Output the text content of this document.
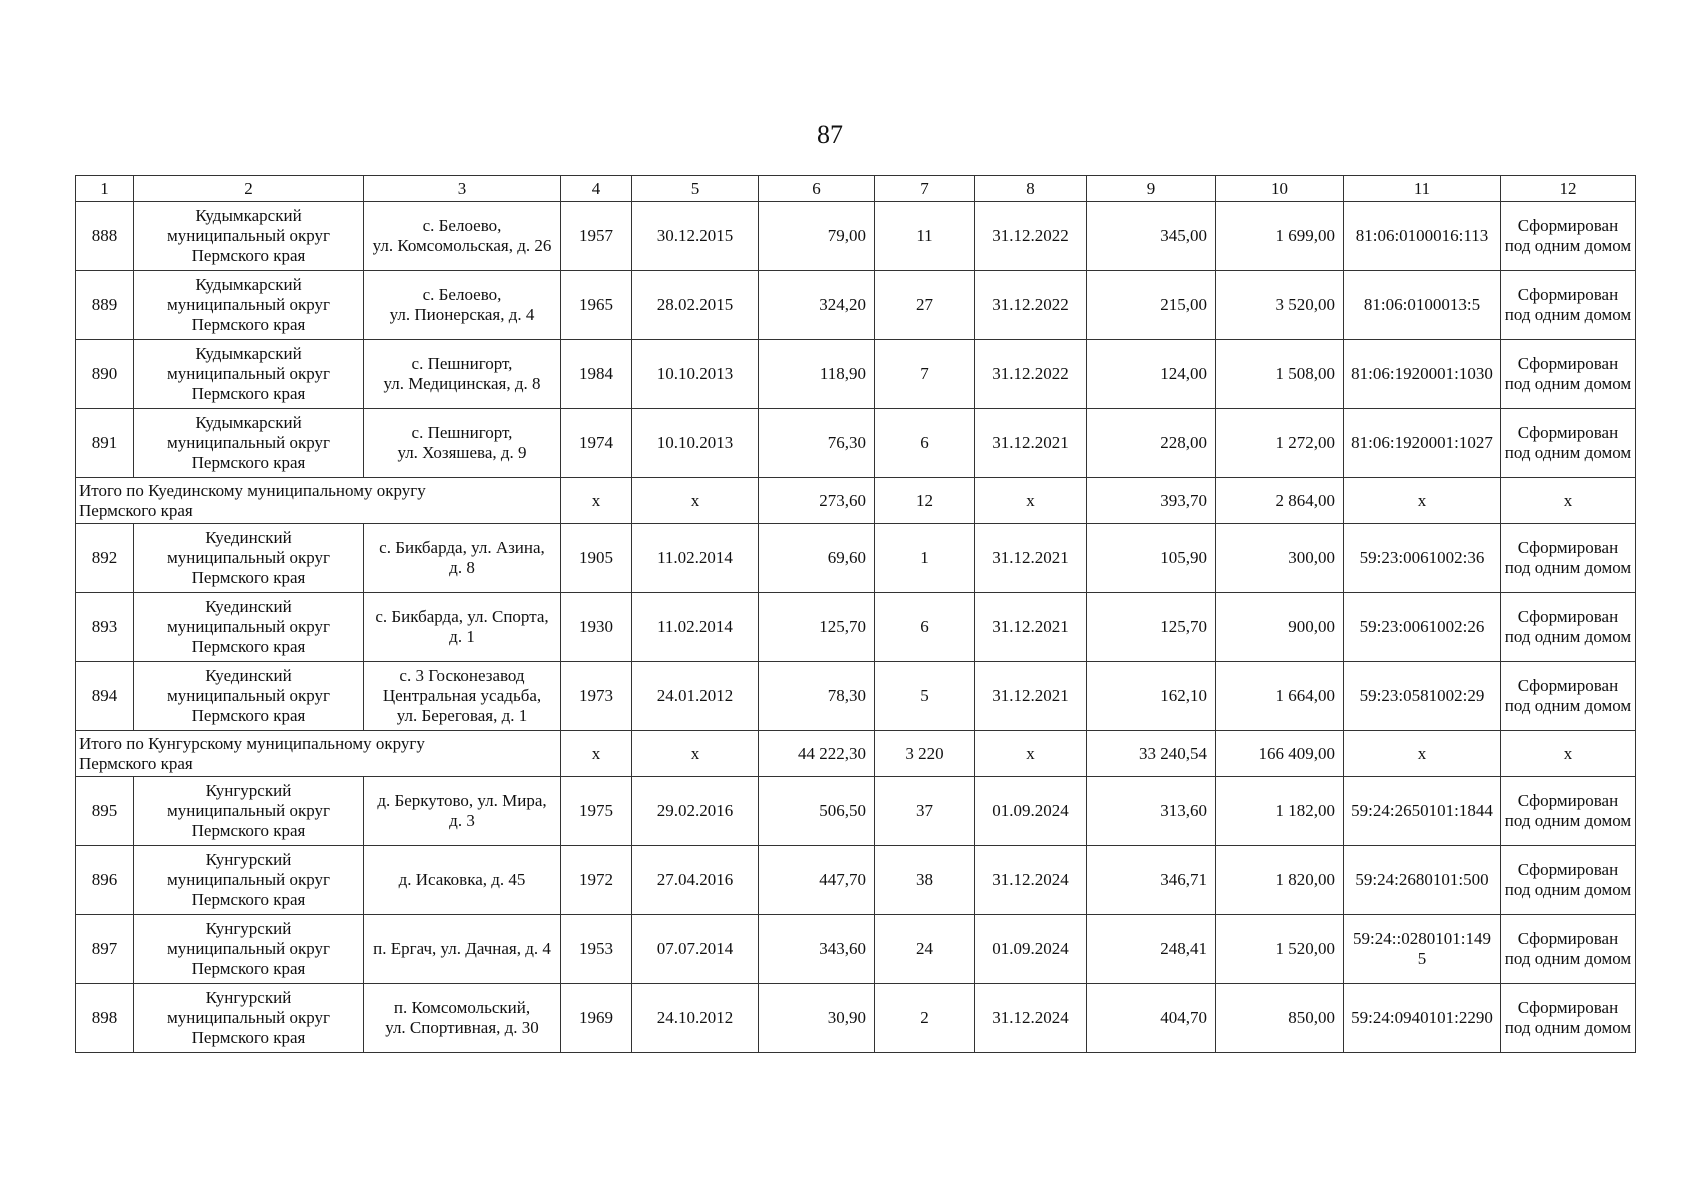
87
1	2	3	4	5	6	7	8	9	10	11	12
888	Кудымкарский
муниципальный округ
Пермского края	с. Белоево,
ул. Комсомольская, д. 26	1957	30.12.2015	79,00	11	31.12.2022	345,00	1 699,00	81:06:0100016:113	Сформирован
под одним домом

889	Кудымкарский
муниципальный округ
Пермского края	с. Белоево,
ул. Пионерская, д. 4	1965	28.02.2015	324,20	27	31.12.2022	215,00	3 520,00	81:06:0100013:5	Сформирован
под одним домом

890	Кудымкарский
муниципальный округ
Пермского края	с. Пешнигорт,
ул. Медицинская, д. 8	1984	10.10.2013	118,90	7	31.12.2022	124,00	1 508,00	81:06:1920001:1030	Сформирован
под одним домом

891	Кудымкарский
муниципальный округ
Пермского края	с. Пешнигорт,
ул. Хозяшева, д. 9	1974	10.10.2013	76,30	6	31.12.2021	228,00	1 272,00	81:06:1920001:1027	Сформирован
под одним домом

Итого по Куединскому муниципальному округу
Пермского края			x	x	273,60	12	x	393,70	2 864,00	x	x

892	Куединский
муниципальный округ
Пермского края	с. Бикбарда, ул. Азина,
д. 8	1905	11.02.2014	69,60	1	31.12.2021	105,90	300,00	59:23:0061002:36	Сформирован
под одним домом

893	Куединский
муниципальный округ
Пермского края	с. Бикбарда, ул. Спорта,
д. 1	1930	11.02.2014	125,70	6	31.12.2021	125,70	900,00	59:23:0061002:26	Сформирован
под одним домом

894	Куединский
муниципальный округ
Пермского края	с. 3 Госконезавод
Центральная усадьба,
ул. Береговая, д. 1	1973	24.01.2012	78,30	5	31.12.2021	162,10	1 664,00	59:23:0581002:29	Сформирован
под одним домом

Итого по Кунгурскому муниципальному округу
Пермского края			x	x	44 222,30	3 220	x	33 240,54	166 409,00	x	x

895	Кунгурский
муниципальный округ
Пермского края	д. Беркутово, ул. Мира,
д. 3	1975	29.02.2016	506,50	37	01.09.2024	313,60	1 182,00	59:24:2650101:1844	Сформирован
под одним домом

896	Кунгурский
муниципальный округ
Пермского края	д. Исаковка, д. 45	1972	27.04.2016	447,70	38	31.12.2024	346,71	1 820,00	59:24:2680101:500	Сформирован
под одним домом

897	Кунгурский
муниципальный округ
Пермского края	п. Ергач, ул. Дачная, д. 4	1953	07.07.2014	343,60	24	01.09.2024	248,41	1 520,00	59:24::0280101:149
5	Сформирован
под одним домом

898	Кунгурский
муниципальный округ
Пермского края	п. Комсомольский,
ул. Спортивная, д. 30	1969	24.10.2012	30,90	2	31.12.2024	404,70	850,00	59:24:0940101:2290	Сформирован
под одним домом
